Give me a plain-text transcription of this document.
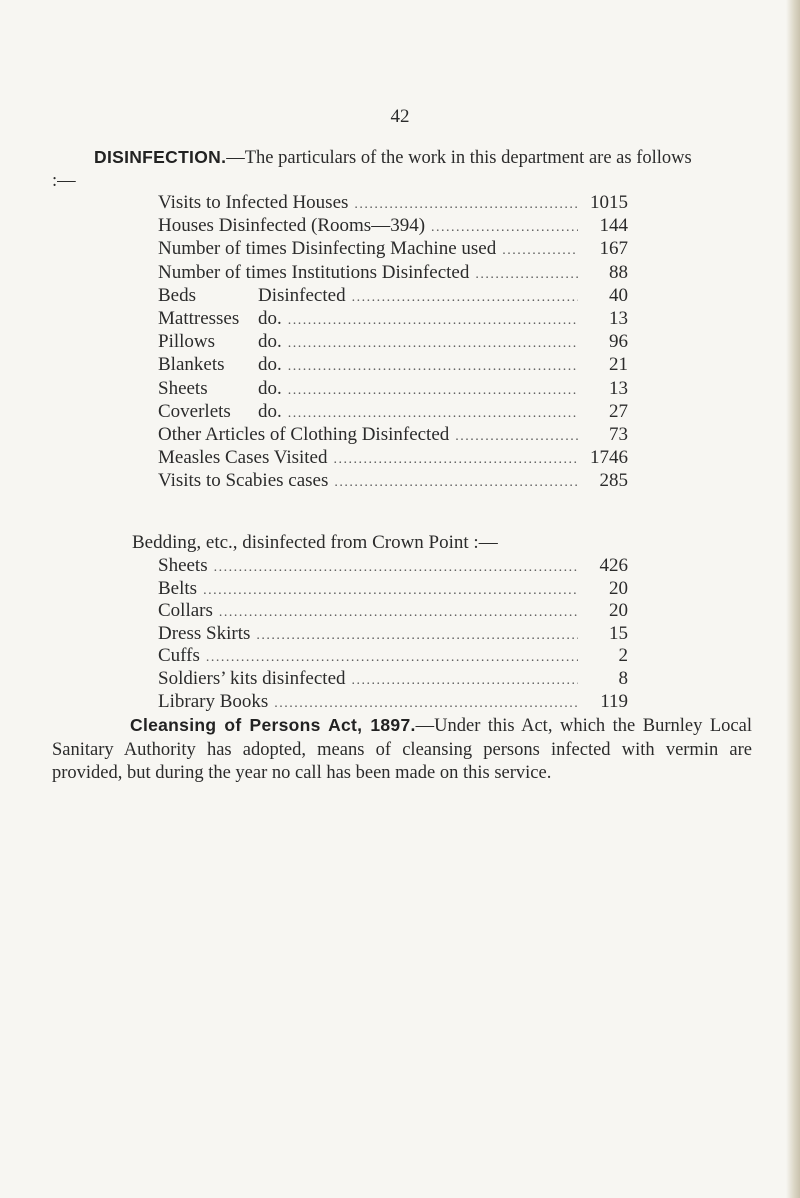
42

DISINFECTION.—The particulars of the work in this department are as follows :—

Visits to Infected Houses .....	1015
Houses Disinfected (Rooms—394) .....	144
Number of times Disinfecting Machine used .....	167
Number of times Institutions Disinfected .....	88
Beds	Disinfected .....	40
Mattresses do. .....	13
Pillows	do. .....	96
Blankets	do. .....	21
Sheets	do. .....	13
Coverlets	do. .....	27
Other Articles of Clothing Disinfected .....	73
Measles Cases Visited .....	1746
Visits to Scabies cases .....	285

Bedding, etc., disinfected from Crown Point :—

Sheets .....	426
Belts .....	20
Collars .....	20
Dress Skirts .....	15
Cuffs .....	2
Soldiers’ kits disinfected .....	8
Library Books .....	119

Cleansing of Persons Act, 1897.—Under this Act, which the Burnley Local Sanitary Authority has adopted, means of cleansing persons infected with vermin are provided, but during the year no call has been made on this service.
